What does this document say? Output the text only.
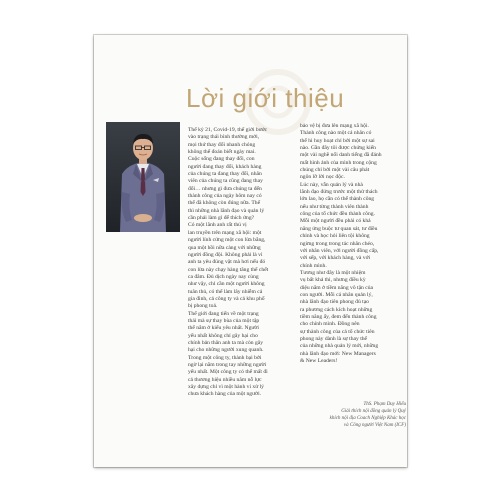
Lời giới thiệu

Thế kỷ 21, Covid-19, thế giới bước
vào trạng thái bình thường mới,
mọi thứ thay đổi nhanh chóng
không thể đoán biết ngày mai.
Cuộc sống đang thay đổi, con
người đang thay đổi, khách hàng
của chúng ta đang thay đổi, nhân
viên của chúng ta cũng đang thay
đổi… nhưng gì đưa chúng ta đến
thành công của ngày hôm nay có
thể đã không còn đúng nữa. Thế
thì những nhà lãnh đạo và quản lý
cần phải làm gì để thích ứng?
Có một lãnh anh rất thú vị
lan truyền trên mạng xã hội: một
người lính cứng một con lừa bằng,
qua một hồi nữa càng với những
người đồng đội. Không phải là vì
anh ta yêu đúng vật mà hơi nếu đó
con lừa này chạy hàng tăng thể chết
ca đâm. Đủ dịch ngày nay cùng
như vậy, chỉ cần một người không
tuân thủ, có thể làm lây nhiễm cả
gia đình, cả công ty và cả khu phố
bị phong toả.
Thế giới đang tiến về một trạng
thái mà sự thay bùa của một tập
thể nằm ở kiểu yêu nhất. Người
yếu nhất không chỉ gây hại cho
chính bản thân anh ta mà còn gây
hại cho những người xung quanh.
Trong một công ty, thành bại bởi
ngờ lại nằm trong tay những người
yếu nhất. Một công ty có thể mất đi
cả thương hiệu nhiều năm nỗ lực
xây dựng chỉ vì một hành vi xử lý
chưa khách hàng của một người.

bảo vệ bị đưa lên mạng xã hội.
Thành công nào một cá nhân có
thể hi huy hoạt chỉ bởi một sự sai
nào. Gần đây tôi được chứng kiến
một vài nghề nổi danh tiếng đã đánh
mất hình ảnh của mình trong cộng
chúng chỉ bởi một vài câu phát
ngôn lỡ lời nọc độc.
Lúc này, vẫn quản lý và nhà
lãnh đạo đứng trước một thử thách
lớn lao, họ cần có thể thành công
nếu như từng thành viên thành
công của tổ chức đều thành công.
Mỗi một người đều phải có khả
năng ứng buộc tư quan sát, tư điều
chỉnh và học hỏi liên tội không
ngừng trong trong tác nhân chéo,
với nhân viên, với người đồng cấp,
với sếp, với khách hàng, và với
chính mình.
Tương như đây là một nhiệm
vụ bất khả thi, nhưng điều kỳ
diệu nằm ở tiềm năng vô tận của
con người. Mỗi cá nhân quản lý,
nhà lãnh đạo tiên phong đủ tạo
ra phương cách kích hoạt những
tiềm năng ấy, đem đến thành công
cho chính mình. Đồng nên
sự thành công của cả tổ chức tiên
phong này dành là sự thay thế
của những nhà quản lý mới, những
nhà lãnh đạo mới: New Managers
& New Leaders!

ThS. Phạm Duy Hiếu
Giải thích nội đồng quản lý Quý
khích nội địa Coach Nghiệp Khác học
và Công người Việt Nam (ICF)
